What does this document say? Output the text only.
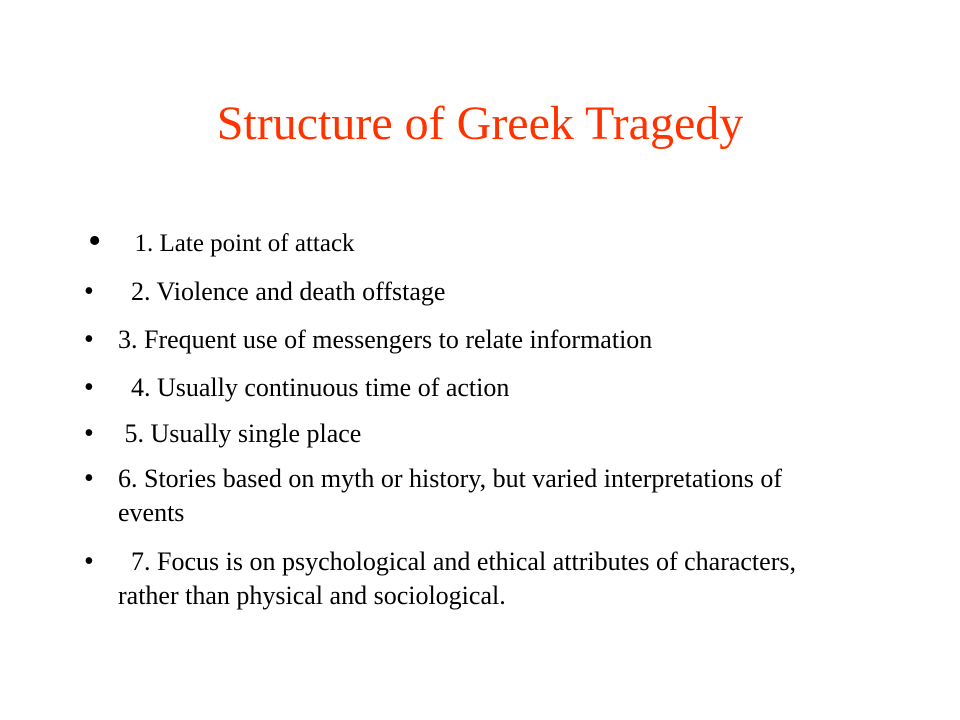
Structure of Greek Tragedy
• 1. Late point of attack
• 2. Violence and death offstage
• 3. Frequent use of messengers to relate information
• 4. Usually continuous time of action
• 5. Usually single place
• 6. Stories based on myth or history, but varied interpretations of events
• 7. Focus is on psychological and ethical attributes of characters, rather than physical and sociological.
